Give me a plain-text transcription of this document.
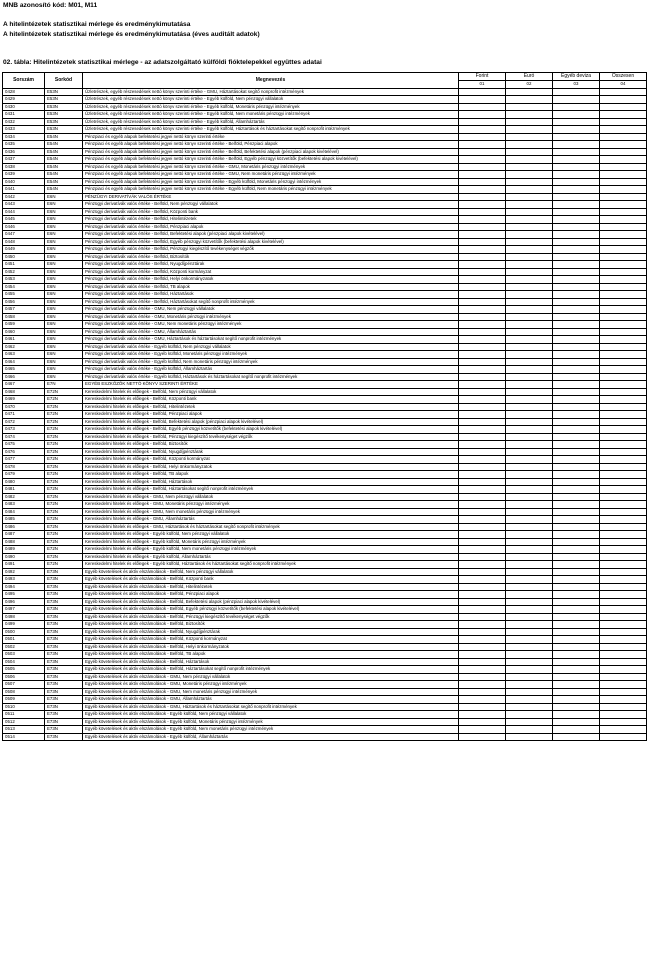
MNB azonosító kód: M01, M11
A hitelintézetek statisztikai mérlege és eredménykimutatása
A hitelintézetek statisztikai mérlege és eredménykimutatása (éves auditált adatok)
02. tábla: Hitelintézetek statisztikai mérlege - az adatszolgáltató külföldi fióktelepekkel együttes adatai
Sorszám	Sorkód	Megnevezés	Forint	Euró	Egyéb deviza	Összesen
			01	02	03	04
0428	E53N	Üzletrészek, egyéb részesedések nettó könyv szerinti értéke - GMU, Háztartásokat segítő nonprofit intézmények				
0429	E53N	Üzletrészek, egyéb részesedések nettó könyv szerinti értéke - Egyéb külföld, Nem pénzügyi vállalatok				
0430	E53N	Üzletrészek, egyéb részesedések nettó könyv szerinti értéke - Egyéb külföld, Monetáris pénzügyi intézmények				
0431	E53N	Üzletrészek, egyéb részesedések nettó könyv szerinti értéke - Egyéb külföld, Nem monetáris pénzügyi intézmények				
0432	E53N	Üzletrészek, egyéb részesedések nettó könyv szerinti értéke - Egyéb külföld, Államháztartás				
0433	E53N	Üzletrészek, egyéb részesedések nettó könyv szerinti értéke - Egyéb külföld, Háztartások és háztartásokat segítő nonprofit intézmények				
0434	E54N	Pénzpiaci és egyéb alapok befektetési jegyei nettó könyv szerinti értéke				
0435	E54N	Pénzpiaci és egyéb alapok befektetési jegyei nettó könyv szerinti értéke - Belföld, Pénzpiaci alapok				
0436	E54N	Pénzpiaci és egyéb alapok befektetési jegyei nettó könyv szerinti értéke - Belföld, Befektetési alapok (pénzpiaci alapok kivételével)				
0437	E54N	Pénzpiaci és egyéb alapok befektetési jegyei nettó könyv szerinti értéke - Belföld, Egyéb pénzügyi közvetítők (befektetési alapok kivételével)				
0438	E54N	Pénzpiaci és egyéb alapok befektetési jegyei nettó könyv szerinti értéke - GMU, Monetáris pénzügyi intézmények				
0439	E54N	Pénzpiaci és egyéb alapok befektetési jegyei nettó könyv szerinti értéke - GMU, Nem monetáris pénzügyi intézmények				
0440	E54N	Pénzpiaci és egyéb alapok befektetési jegyei nettó könyv szerinti értéke - Egyéb külföld, Monetáris pénzügyi intézmények				
0441	E54N	Pénzpiaci és egyéb alapok befektetési jegyei nettó könyv szerinti értéke - Egyéb külföld, Nem monetáris pénzügyi intézmények				
0442	E6N	PÉNZÜGYI DERIVATÍVÁK VALÓS ÉRTÉKE				
0443	E6N	Pénzügyi derivatívák valós értéke - Belföld, Nem pénzügyi vállalatok				
0444	E6N	Pénzügyi derivatívák valós értéke - Belföld, Központi bank				
0445	E6N	Pénzügyi derivatívák valós értéke - Belföld, Hitelintézetek				
0446	E6N	Pénzügyi derivatívák valós értéke - Belföld, Pénzpiaci alapok				
0447	E6N	Pénzügyi derivatívák valós értéke - Belföld, Befektetési alapok (pénzpiaci alapok kivételével)				
0448	E6N	Pénzügyi derivatívák valós értéke - Belföld, Egyéb pénzügyi közvetítők (befektetési alapok kivételével)				
0449	E6N	Pénzügyi derivatívák valós értéke - Belföld, Pénzügyi kiegészítő tevékenységet végzők				
0450	E6N	Pénzügyi derivatívák valós értéke - Belföld, Biztosítók				
0451	E6N	Pénzügyi derivatívák valós értéke - Belföld, Nyugdíjpénztárak				
0452	E6N	Pénzügyi derivatívák valós értéke - Belföld, Központi kormányzat				
0453	E6N	Pénzügyi derivatívák valós értéke - Belföld, Helyi önkormányzatok				
0454	E6N	Pénzügyi derivatívák valós értéke - Belföld, TB alapok				
0455	E6N	Pénzügyi derivatívák valós értéke - Belföld, Háztartások				
0456	E6N	Pénzügyi derivatívák valós értéke - Belföld, Háztartásokat segítő nonprofit intézmények				
0457	E6N	Pénzügyi derivatívák valós értéke - GMU, Nem pénzügyi vállalatok				
0458	E6N	Pénzügyi derivatívák valós értéke - GMU, Monetáris pénzügyi intézmények				
0459	E6N	Pénzügyi derivatívák valós értéke - GMU, Nem monetáris pénzügyi intézmények				
0460	E6N	Pénzügyi derivatívák valós értéke - GMU, Államháztartás				
0461	E6N	Pénzügyi derivatívák valós értéke - GMU, Háztartások és háztartásokat segítő nonprofit intézmények				
0462	E6N	Pénzügyi derivatívák valós értéke - Egyéb külföld, Nem pénzügyi vállalatok				
0463	E6N	Pénzügyi derivatívák valós értéke - Egyéb külföld, Monetáris pénzügyi intézmények				
0464	E6N	Pénzügyi derivatívák valós értéke - Egyéb külföld, Nem monetáris pénzügyi intézmények				
0465	E6N	Pénzügyi derivatívák valós értéke - Egyéb külföld, Államháztartás				
0466	E6N	Pénzügyi derivatívák valós értéke - Egyéb külföld, Háztartások és háztartásokat segítő nonprofit intézmények				
0467	E7N	EGYÉB ESZKÖZÖK NETTÓ KÖNYV SZERINTI ÉRTÉKE				
0468	E72N	Kereskedelmi hitelek és előlegek - Belföld, Nem pénzügyi vállalatok				
0469	E72N	Kereskedelmi hitelek és előlegek - Belföld, Központi bank				
0470	E72N	Kereskedelmi hitelek és előlegek - Belföld, Hitelintézetek				
0471	E72N	Kereskedelmi hitelek és előlegek - Belföld, Pénzpiaci alapok				
0472	E72N	Kereskedelmi hitelek és előlegek - Belföld, Befektetési alapok (pénzpiaci alapok kivételével)				
0473	E72N	Kereskedelmi hitelek és előlegek - Belföld, Egyéb pénzügyi közvetítők (befektetési alapok kivételével)				
0474	E72N	Kereskedelmi hitelek és előlegek - Belföld, Pénzügyi kiegészítő tevékenységet végzők				
0475	E72N	Kereskedelmi hitelek és előlegek - Belföld, Biztosítók				
0476	E72N	Kereskedelmi hitelek és előlegek - Belföld, Nyugdíjpénztárak				
0477	E72N	Kereskedelmi hitelek és előlegek - Belföld, Központi kormányzat				
0478	E72N	Kereskedelmi hitelek és előlegek - Belföld, Helyi önkormányzatok				
0479	E72N	Kereskedelmi hitelek és előlegek - Belföld, TB alapok				
0480	E72N	Kereskedelmi hitelek és előlegek - Belföld, Háztartások				
0481	E72N	Kereskedelmi hitelek és előlegek - Belföld, Háztartásokat segítő nonprofit intézmények				
0482	E72N	Kereskedelmi hitelek és előlegek - GMU, Nem pénzügyi vállalatok				
0483	E72N	Kereskedelmi hitelek és előlegek - GMU, Monetáris pénzügyi intézmények				
0484	E72N	Kereskedelmi hitelek és előlegek - GMU, Nem monetáris pénzügyi intézmények				
0485	E72N	Kereskedelmi hitelek és előlegek - GMU, Államháztartás				
0486	E72N	Kereskedelmi hitelek és előlegek - GMU, Háztartások és háztartásokat segítő nonprofit intézmények				
0487	E72N	Kereskedelmi hitelek és előlegek - Egyéb külföld, Nem pénzügyi vállalatok				
0488	E72N	Kereskedelmi hitelek és előlegek - Egyéb külföld, Monetáris pénzügyi intézmények				
0489	E72N	Kereskedelmi hitelek és előlegek - Egyéb külföld, Nem monetáris pénzügyi intézmények				
0490	E72N	Kereskedelmi hitelek és előlegek - Egyéb külföld, Államháztartás				
0491	E72N	Kereskedelmi hitelek és előlegek - Egyéb külföld, Háztartások és háztartásokat segítő nonprofit intézmények				
0492	E73N	Egyéb követelések és aktív elszámolások - Belföld, Nem pénzügyi vállalatok				
0493	E73N	Egyéb követelések és aktív elszámolások - Belföld, Központi bank				
0494	E73N	Egyéb követelések és aktív elszámolások - Belföld, Hitelintézetek				
0495	E73N	Egyéb követelések és aktív elszámolások - Belföld, Pénzpiaci alapok				
0496	E73N	Egyéb követelések és aktív elszámolások - Belföld, Befektetési alapok (pénzpiaci alapok kivételével)				
0497	E73N	Egyéb követelések és aktív elszámolások - Belföld, Egyéb pénzügyi közvetítők (befektetési alapok kivételével)				
0498	E73N	Egyéb követelések és aktív elszámolások - Belföld, Pénzügyi kiegészítő tevékenységet végzők				
0499	E73N	Egyéb követelések és aktív elszámolások - Belföld, Biztosítók				
0500	E73N	Egyéb követelések és aktív elszámolások - Belföld, Nyugdíjpénztárak				
0501	E73N	Egyéb követelések és aktív elszámolások - Belföld, Központi kormányzat				
0502	E73N	Egyéb követelések és aktív elszámolások - Belföld, Helyi önkormányzatok				
0503	E73N	Egyéb követelések és aktív elszámolások - Belföld, TB alapok				
0504	E73N	Egyéb követelések és aktív elszámolások - Belföld, Háztartások				
0505	E73N	Egyéb követelések és aktív elszámolások - Belföld, Háztartásokat segítő nonprofit intézmények				
0506	E73N	Egyéb követelések és aktív elszámolások - GMU, Nem pénzügyi vállalatok				
0507	E73N	Egyéb követelések és aktív elszámolások - GMU, Monetáris pénzügyi intézmények				
0508	E73N	Egyéb követelések és aktív elszámolások - GMU, Nem monetáris pénzügyi intézmények				
0509	E73N	Egyéb követelések és aktív elszámolások - GMU, Államháztartás				
0510	E73N	Egyéb követelések és aktív elszámolások - GMU, Háztartások és háztartásokat segítő nonprofit intézmények				
0511	E73N	Egyéb követelések és aktív elszámolások - Egyéb külföld, Nem pénzügyi vállalatok				
0512	E73N	Egyéb követelések és aktív elszámolások - Egyéb külföld, Monetáris pénzügyi intézmények				
0513	E73N	Egyéb követelések és aktív elszámolások - Egyéb külföld, Nem monetáris pénzügyi intézmények				
0514	E73N	Egyéb követelések és aktív elszámolások - Egyéb külföld, Államháztartás				
